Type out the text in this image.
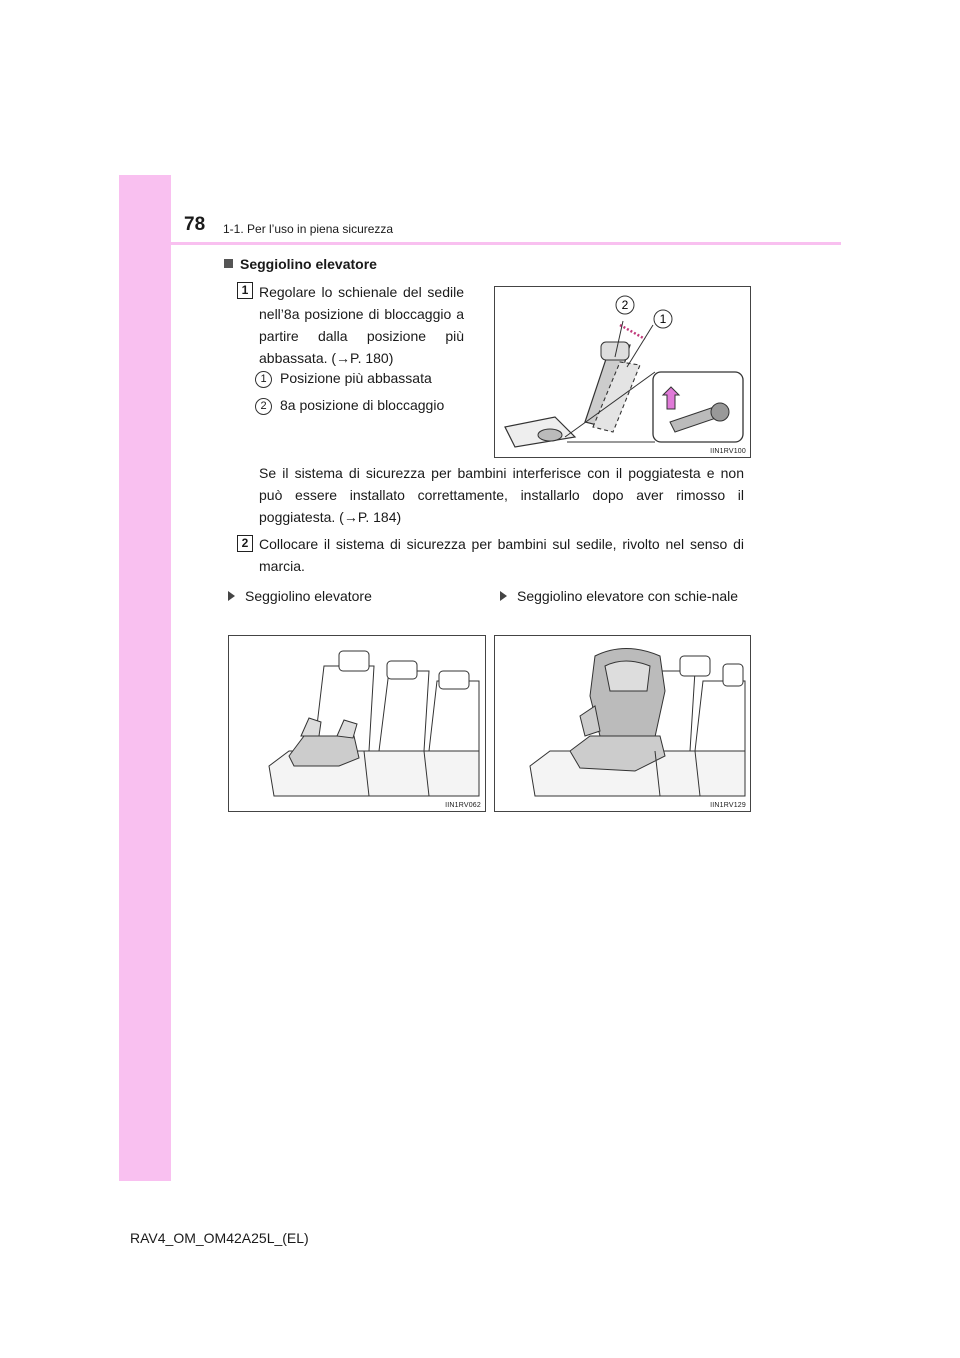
78 1-1. Per l’uso in piena sicurezza
Seggiolino elevatore
1 Regolare lo schienale del sedile nell’8a posizione di bloccaggio a partire dalla posizione più abbassata. (→P. 180)
1 Posizione più abbassata
2 8a posizione di bloccaggio
2
1
IIN1RV100
Se il sistema di sicurezza per bambini interferisce con il poggiatesta e non può essere installato correttamente, installarlo dopo aver rimosso il poggiatesta. (→P. 184)
2 Collocare il sistema di sicurezza per bambini sul sedile, rivolto nel senso di marcia.
Seggiolino elevatore	Seggiolino elevatore con schie-nale
IIN1RV062	IIN1RV129
RAV4_OM_OM42A25L_(EL)
